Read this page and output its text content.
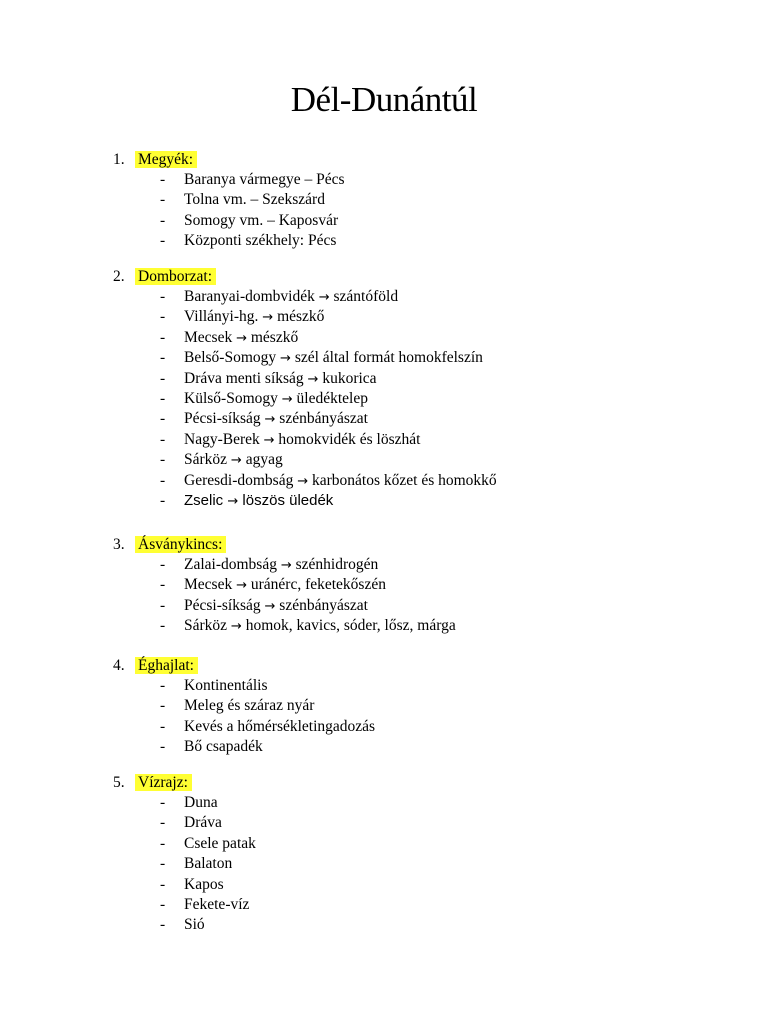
Dél-Dunántúl
1. Megyék:
- Baranya vármegye – Pécs
- Tolna vm. – Szekszárd
- Somogy vm. – Kaposvár
- Központi székhely: Pécs
2. Domborzat:
- Baranyai-dombvidék → szántóföld
- Villányi-hg. → mészkő
- Mecsek → mészkő
- Belső-Somogy → szél által formát homokfelszín
- Dráva menti síkság → kukorica
- Külső-Somogy → üledéktelep
- Pécsi-síkság → szénbányászat
- Nagy-Berek → homokvidék és löszhát
- Sárköz → agyag
- Geresdi-dombság → karbonátos kőzet és homokkő
- Zselic → löszös üledék
3. Ásványkincs:
- Zalai-dombság → szénhidrogén
- Mecsek → uránérc, feketekőszén
- Pécsi-síkság → szénbányászat
- Sárköz → homok, kavics, sóder, lősz, márga
4. Éghajlat:
- Kontinentális
- Meleg és száraz nyár
- Kevés a hőmérsékletingadozás
- Bő csapadék
5. Vízrajz:
- Duna
- Dráva
- Csele patak
- Balaton
- Kapos
- Fekete-víz
- Sió
